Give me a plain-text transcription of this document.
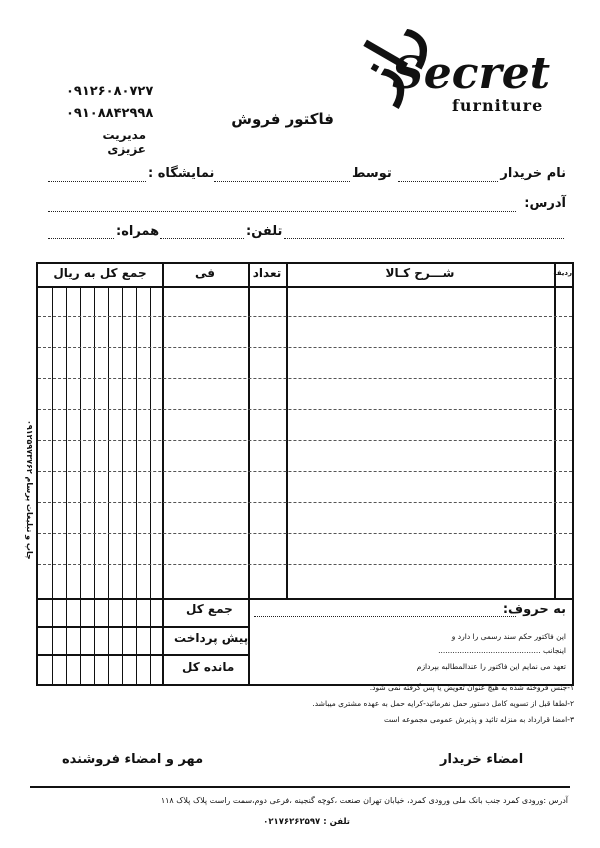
راز
Secret
furniture
۰۹۱۲۶۰۸۰۷۲۷
۰۹۱۰۸۸۴۲۹۹۸
مدیریت عزیزی
فاکتور فروش
نام خریدار
توسط
نمایشگاه :
آدرس:
تلفن:
همراه:
جمع کل به ریال	فی	تعداد	شـــرح کـالا	ردیف
به حروف:
جمع کل
پیش پرداخت
مانده کل
این فاکتور حکم سند رسمی را دارد و
اینجانب ...........................................
تعهد می نمایم این فاکتور را عندالمطالبه بپردازم
۱-جنس فروخته شده به هیچ عنوان تعویض یا پس گرفته نمی شود.
۲-لطفا قبل از تسویه کامل دستور حمل نفرمائید-کرایه حمل به عهده مشتری میباشد.
۳-امضا قرارداد به منزله تائید و پذیرش عمومی مجموعه است
چاپ و تبلیغات پرسام ۰۹۱۲۵۹۷۳۷۶۲
امضاء خریدار
مهر و امضاء فروشنده
آدرس :ورودی کمرد جنب بانک ملی ورودی کمرد، خیابان تهران صنعت ،کوچه گنجینه ،فرعی دوم،سمت راست پلاک پلاک ۱۱۸
تلفن : ۰۲۱۷۶۲۶۲۵۹۷
